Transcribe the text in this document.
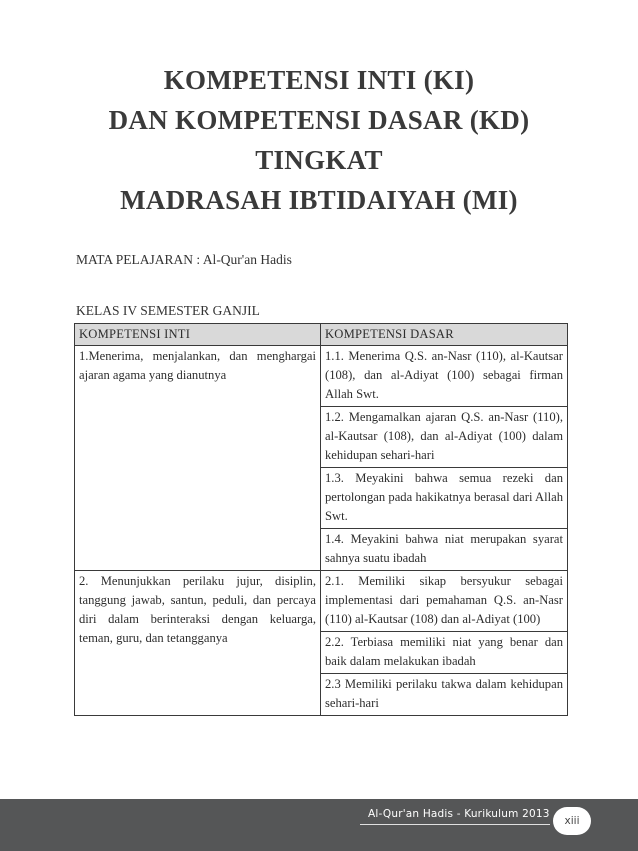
KOMPETENSI INTI (KI)
DAN KOMPETENSI DASAR (KD)
TINGKAT
MADRASAH IBTIDAIYAH (MI)
MATA PELAJARAN : Al-Qur'an Hadis
KELAS IV SEMESTER GANJIL
KOMPETENSI INTI	KOMPETENSI DASAR
1.Menerima, menjalankan, dan menghargai ajaran agama yang dianutnya	1.1. Menerima Q.S. an-Nasr (110), al-Kautsar (108), dan al-Adiyat (100) sebagai firman Allah Swt.
	1.2. Mengamalkan ajaran Q.S. an-Nasr (110), al-Kautsar (108), dan al-Adiyat (100) dalam kehidupan sehari-hari
	1.3. Meyakini bahwa semua rezeki dan pertolongan pada hakikatnya berasal dari Allah Swt.
	1.4. Meyakini bahwa niat merupakan syarat sahnya suatu ibadah
2. Menunjukkan perilaku jujur, disiplin, tanggung jawab, santun, peduli, dan percaya diri dalam berinteraksi dengan keluarga, teman, guru, dan tetangganya	2.1. Memiliki sikap bersyukur sebagai implementasi dari pemahaman Q.S. an-Nasr (110) al-Kautsar (108) dan al-Adiyat (100)
	2.2. Terbiasa memiliki niat yang benar dan baik dalam melakukan ibadah
	2.3 Memiliki perilaku takwa dalam kehidupan sehari-hari
Al-Qur'an Hadis - Kurikulum 2013
xiii
